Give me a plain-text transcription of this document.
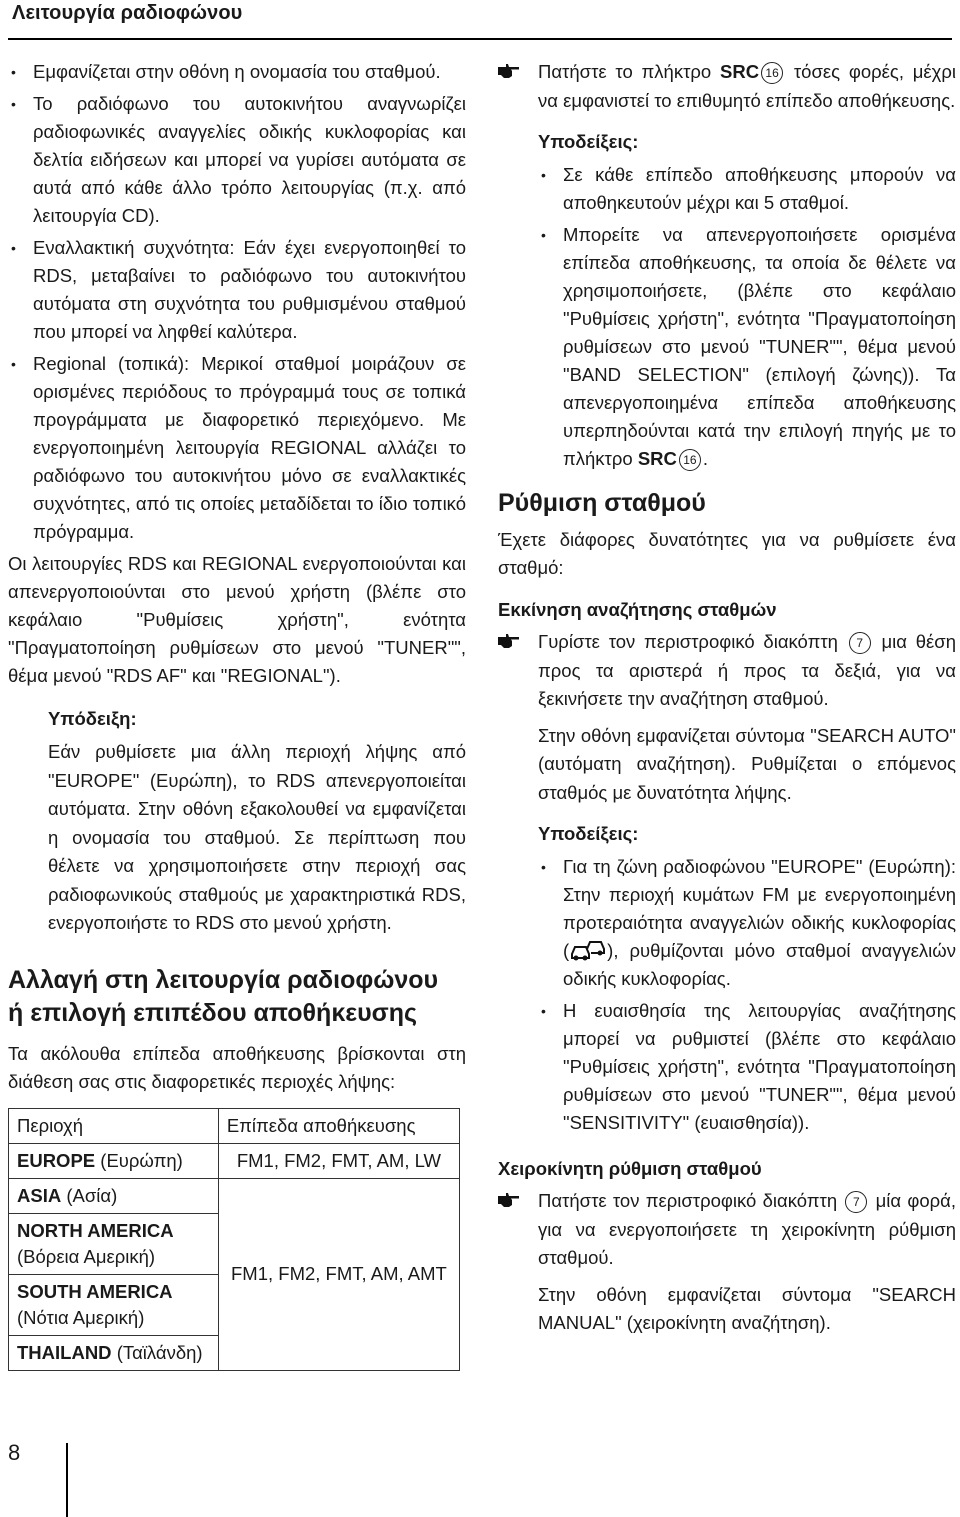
Λειτουργία ραδιοφώνου
• Εμφανίζεται στην οθόνη η ονομασία του σταθμού.
• Το ραδιόφωνο του αυτοκινήτου αναγνωρίζει ραδιοφωνικές αναγγελίες οδικής κυκλοφορίας και δελτία ειδήσεων και μπορεί να γυρίσει αυτόματα σε αυτά από κάθε άλλο τρόπο λειτουργίας (π.χ. από λειτουργία CD).
• Εναλλακτική συχνότητα: Εάν έχει ενεργοποιηθεί το RDS, μεταβαίνει το ραδιόφωνο του αυτοκινήτου αυτόματα στη συχνότητα του ρυθμισμένου σταθμού που μπορεί να ληφθεί καλύτερα.
• Regional (τοπικά): Μερικοί σταθμοί μοιράζουν σε ορισμένες περιόδους το πρόγραμμά τους σε τοπικά προγράμματα με διαφορετικό περιεχόμενο. Με ενεργοποιημένη λειτουργία REGIONAL αλλάζει το ραδιόφωνο του αυτοκινήτου μόνο σε εναλλακτικές συχνότητες, από τις οποίες μεταδίδεται το ίδιο τοπικό πρόγραμμα.

Οι λειτουργίες RDS και REGIONAL ενεργοποιούνται και απενεργοποιούνται στο μενού χρήστη (βλέπε στο κεφάλαιο "Ρυθμίσεις χρήστη", ενότητα "Πραγματοποίηση ρυθμίσεων στο μενού "TUNER"", θέμα μενού "RDS AF" και "REGIONAL").

Υπόδειξη:

Εάν ρυθμίσετε μια άλλη περιοχή λήψης από "EUROPE" (Ευρώπη), το RDS απενεργοποιείται αυτόματα. Στην οθόνη εξακολουθεί να εμφανίζεται η ονομασία του σταθμού. Σε περίπτωση που θέλετε να χρησιμοποιήσετε στην περιοχή σας ραδιοφωνικούς σταθμούς με χαρακτηριστικά RDS, ενεργοποιήστε το RDS στο μενού χρήστη.

Αλλαγή στη λειτουργία ραδιοφώνου
ή επιλογή επιπέδου αποθήκευσης

Τα ακόλουθα επίπεδα αποθήκευσης βρίσκονται στη διάθεση σας στις διαφορετικές περιοχές λήψης:

Περιοχή	Επίπεδα αποθήκευσης
EUROPE (Ευρώπη)	FM1, FM2, FMT, AM, LW
ASIA (Ασία)	FM1, FM2, FMT, AM, AMT
NORTH AMERICA
(Βόρεια Αμερική)	
SOUTH AMERICA
(Νότια Αμερική)	
THAILAND (Ταϊλάνδη)	

Πατήστε το πλήκτρο SRC 16 τόσες φορές, μέχρι να εμφανιστεί το επιθυμητό επίπεδο αποθήκευσης.

Υποδείξεις:
• Σε κάθε επίπεδο αποθήκευσης μπορούν να αποθηκευτούν μέχρι και 5 σταθμοί.
• Μπορείτε να απενεργοποιήσετε ορισμένα επίπεδα αποθήκευσης, τα οποία δε θέλετε να χρησιμοποιήσετε, (βλέπε στο κεφάλαιο "Ρυθμίσεις χρήστη", ενότητα "Πραγματοποίηση ρυθμίσεων στο μενού "TUNER"", θέμα μενού "BAND SELECTION" (επιλογή ζώνης)). Τα απενεργοποιημένα επίπεδα αποθήκευσης υπερπηδούνται κατά την επιλογή πηγής με το πλήκτρο SRC 16 .
Ρύθμιση σταθμού

Έχετε διάφορες δυνατότητες για να ρυθμίσετε ένα σταθμό:

Εκκίνηση αναζήτησης σταθμών

Γυρίστε τον περιστροφικό διακόπτη 7 μια θέση προς τα αριστερά ή προς τα δεξιά, για να ξεκινήσετε την αναζήτηση σταθμού.

Στην οθόνη εμφανίζεται σύντομα "SEARCH AUTO" (αυτόματη αναζήτηση). Ρυθμίζεται ο επόμενος σταθμός με δυνατότητα λήψης.

Υποδείξεις:
• Για τη ζώνη ραδιοφώνου "EUROPE" (Ευρώπη): Στην περιοχή κυμάτων FM με ενεργοποιημένη προτεραιότητα αναγγελιών οδικής κυκλοφορίας ( ), ρυθμίζονται μόνο σταθμοί αναγγελιών οδικής κυκλοφορίας.
• Η ευαισθησία της λειτουργίας αναζήτησης μπορεί να ρυθμιστεί (βλέπε στο κεφάλαιο "Ρυθμίσεις χρήστη", ενότητα "Πραγματοποίηση ρυθμίσεων στο μενού "TUNER"", θέμα μενού "SENSITIVITY" (ευαισθησία)).
Χειροκίνητη ρύθμιση σταθμού

Πατήστε τον περιστροφικό διακόπτη 7 μία φορά, για να ενεργοποιήσετε τη χειροκίνητη ρύθμιση σταθμού.

Στην οθόνη εμφανίζεται σύντομα "SEARCH MANUAL" (χειροκίνητη αναζήτηση).

8
